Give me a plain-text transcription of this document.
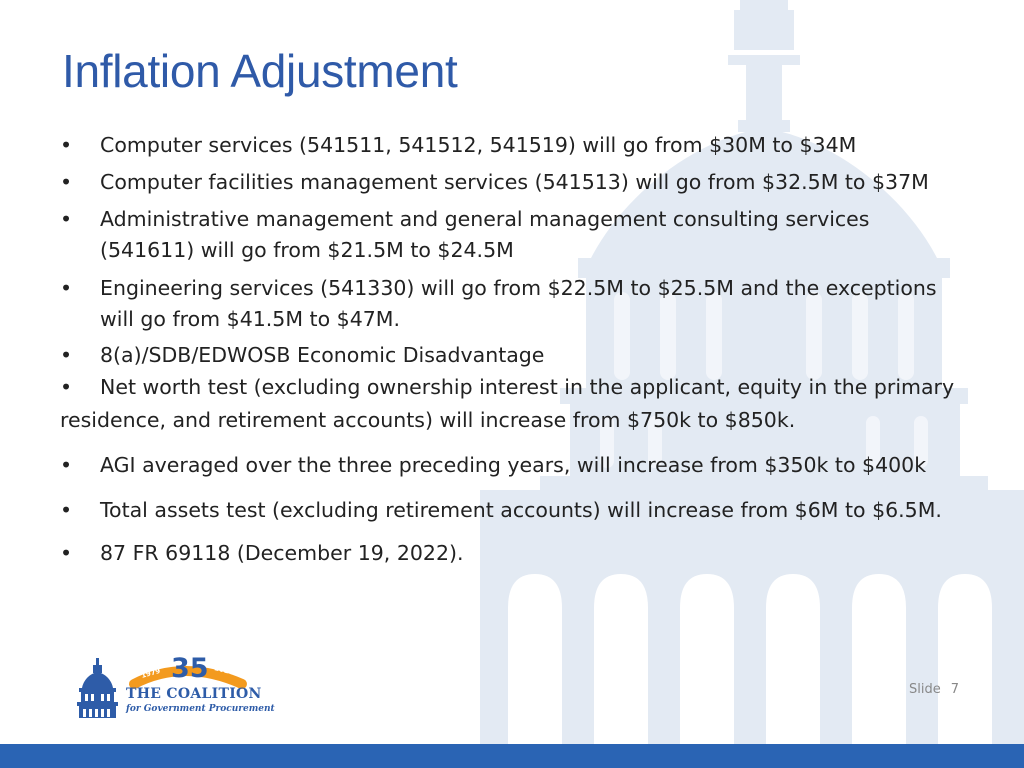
Inflation Adjustment
• Computer services (541511, 541512, 541519) will go from $30M to $34M
• Computer facilities management services (541513) will go from $32.5M to $37M
• Administrative management and general management consulting services (541611) will go from $21.5M to $24.5M
• Engineering services (541330) will go from $22.5M to $25.5M and the exceptions will go from $41.5M to $47M.
• 8(a)/SDB/EDWOSB Economic Disadvantage
• Net worth test (excluding ownership interest in the applicant, equity in the primary residence, and retirement accounts) will increase from $750k to $850k.
• AGI averaged over the three preceding years, will increase from $350k to $400k
• Total assets test (excluding retirement accounts) will increase from $6M to $6.5M.
• 87 FR 69118 (December 19, 2022).
1979	2014
35
THE COALITION
for Government Procurement
Slide 7
